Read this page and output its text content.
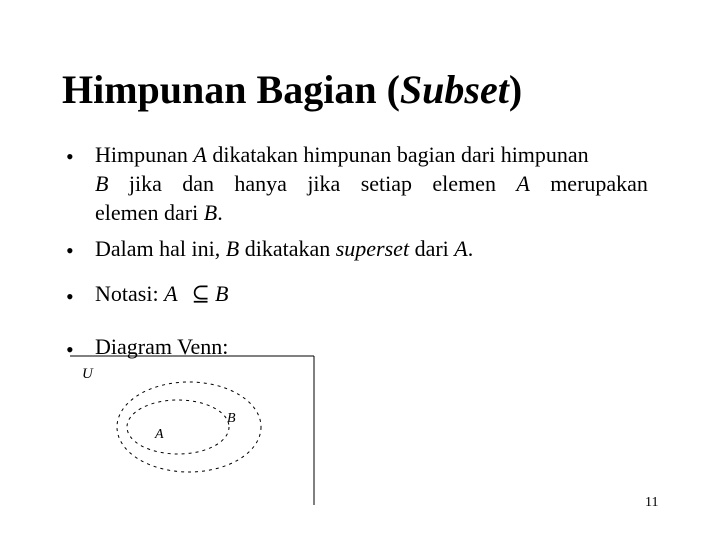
Himpunan Bagian (Subset)
• Himpunan A dikatakan himpunan bagian dari himpunan
B jika dan hanya jika setiap elemen A merupakan
elemen dari B.
• Dalam hal ini, B dikatakan superset dari A.
• Notasi: A ⊆ B
• Diagram Venn:
U
B
A
11
